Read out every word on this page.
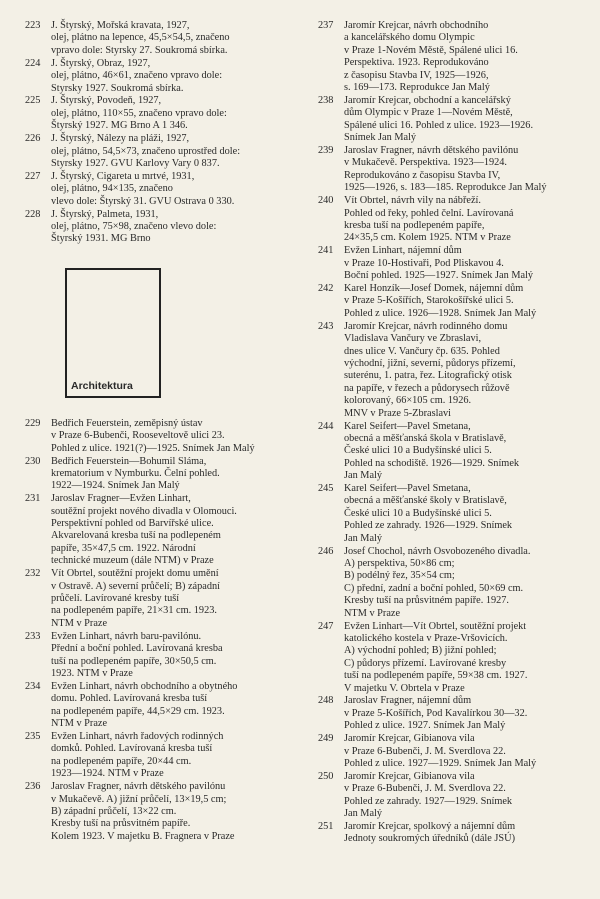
223	J. Štyrský, Mořská kravata, 1927,
olej, plátno na lepence, 45,5×54,5, značeno
vpravo dole: Styrsky 27. Soukromá sbírka.
224	J. Štyrský, Obraz, 1927,
olej, plátno, 46×61, značeno vpravo dole:
Styrsky 1927. Soukromá sbírka.
225	J. Štyrský, Povodeň, 1927,
olej, plátno, 110×55, značeno vpravo dole:
Štyrský 1927. MG Brno A 1 346.
226	J. Štyrský, Nálezy na pláži, 1927,
olej, plátno, 54,5×73, značeno uprostřed dole:
Styrsky 1927. GVU Karlovy Vary 0 837.
227	J. Štyrský, Cigareta u mrtvé, 1931,
olej, plátno, 94×135, značeno
vlevo dole: Štyrský 31. GVU Ostrava 0 330.
228	J. Štyrský, Palmeta, 1931,
olej, plátno, 75×98, značeno vlevo dole:
Štyrský 1931. MG Brno
Architektura
229	Bedřich Feuerstein, zeměpisný ústav
v Praze 6-Bubenči, Rooseveltově ulici 23.
Pohled z ulice. 1921(?)—1925. Snímek Jan Malý
230	Bedřich Feuerstein—Bohumil Sláma,
krematorium v Nymburku. Čelní pohled.
1922—1924. Snímek Jan Malý
231	Jaroslav Fragner—Evžen Linhart,
soutěžní projekt nového divadla v Olomouci.
Perspektivní pohled od Barvířské ulice.
Akvarelovaná kresba tuší na podlepeném
papíře, 35×47,5 cm. 1922. Národní
technické muzeum (dále NTM) v Praze
232	Vít Obrtel, soutěžní projekt domu umění
v Ostravě. A) severní průčelí; B) západní
průčelí. Lavírované kresby tuší
na podlepeném papíře, 21×31 cm. 1923.
NTM v Praze
233	Evžen Linhart, návrh baru-pavilónu.
Přední a boční pohled. Lavírovaná kresba
tuší na podlepeném papíře, 30×50,5 cm.
1923. NTM v Praze
234	Evžen Linhart, návrh obchodního a obytného
domu. Pohled. Lavírovaná kresba tuší
na podlepeném papíře, 44,5×29 cm. 1923.
NTM v Praze
235	Evžen Linhart, návrh řadových rodinných
domků. Pohled. Lavírovaná kresba tuší
na podlepeném papíře, 20×44 cm.
1923—1924. NTM v Praze
236	Jaroslav Fragner, návrh dětského pavilónu
v Mukačevě. A) jižní průčelí, 13×19,5 cm;
B) západní průčelí, 13×22 cm.
Kresby tuší na průsvitném papíře.
Kolem 1923. V majetku B. Fragnera v Praze
237	Jaromír Krejcar, návrh obchodního
a kancelářského domu Olympic
v Praze 1-Novém Městě, Spálené ulici 16.
Perspektiva. 1923. Reprodukováno
z časopisu Stavba IV, 1925—1926,
s. 169—173. Reprodukce Jan Malý
238	Jaromír Krejcar, obchodní a kancelářský
dům Olympic v Praze 1—Novém Městě,
Spálené ulici 16. Pohled z ulice. 1923—1926.
Snímek Jan Malý
239	Jaroslav Fragner, návrh dětského pavilónu
v Mukačevě. Perspektiva. 1923—1924.
Reprodukováno z časopisu Stavba IV,
1925—1926, s. 183—185. Reprodukce Jan Malý
240	Vít Obrtel, návrh vily na nábřeží.
Pohled od řeky, pohled čelní. Lavírovaná
kresba tuší na podlepeném papíře,
24×35,5 cm. Kolem 1925. NTM v Praze
241	Evžen Linhart, nájemní dům
v Praze 10-Hostivaři, Pod Pliskavou 4.
Boční pohled. 1925—1927. Snímek Jan Malý
242	Karel Honzík—Josef Domek, nájemní dům
v Praze 5-Košířích, Starokošířské ulici 5.
Pohled z ulice. 1926—1928. Snímek Jan Malý
243	Jaromír Krejcar, návrh rodinného domu
Vladislava Vančury ve Zbraslavi,
dnes ulice V. Vančury čp. 635. Pohled
východní, jižní, severní, půdorys přízemí,
suterénu, 1. patra, řez. Litografický otisk
na papíře, v řezech a půdorysech růžově
kolorovaný, 66×105 cm. 1926.
MNV v Praze 5-Zbraslavi
244	Karel Seifert—Pavel Smetana,
obecná a měšťanská škola v Bratislavě,
České ulici 10 a Budyšínské ulici 5.
Pohled na schodiště. 1926—1929. Snímek
Jan Malý
245	Karel Seifert—Pavel Smetana,
obecná a měšťanské školy v Bratislavě,
České ulici 10 a Budyšínské ulici 5.
Pohled ze zahrady. 1926—1929. Snímek
Jan Malý
246	Josef Chochol, návrh Osvobozeného divadla.
A) perspektiva, 50×86 cm;
B) podélný řez, 35×54 cm;
C) přední, zadní a boční pohled, 50×69 cm.
Kresby tuší na průsvitném papíře. 1927.
NTM v Praze
247	Evžen Linhart—Vít Obrtel, soutěžní projekt
katolického kostela v Praze-Vršovicích.
A) východní pohled; B) jižní pohled;
C) půdorys přízemí. Lavírované kresby
tuší na podlepeném papíře, 59×38 cm. 1927.
V majetku V. Obrtela v Praze
248	Jaroslav Fragner, nájemní dům
v Praze 5-Košířích, Pod Kavalírkou 30—32.
Pohled z ulice. 1927. Snímek Jan Malý
249	Jaromír Krejcar, Gibianova vila
v Praze 6-Bubenči, J. M. Sverdlova 22.
Pohled z ulice. 1927—1929. Snímek Jan Malý
250	Jaromír Krejcar, Gibianova vila
v Praze 6-Bubenči, J. M. Sverdlova 22.
Pohled ze zahrady. 1927—1929. Snímek
Jan Malý
251	Jaromír Krejcar, spolkový a nájemní dům
Jednoty soukromých úředníků (dále JSÚ)
